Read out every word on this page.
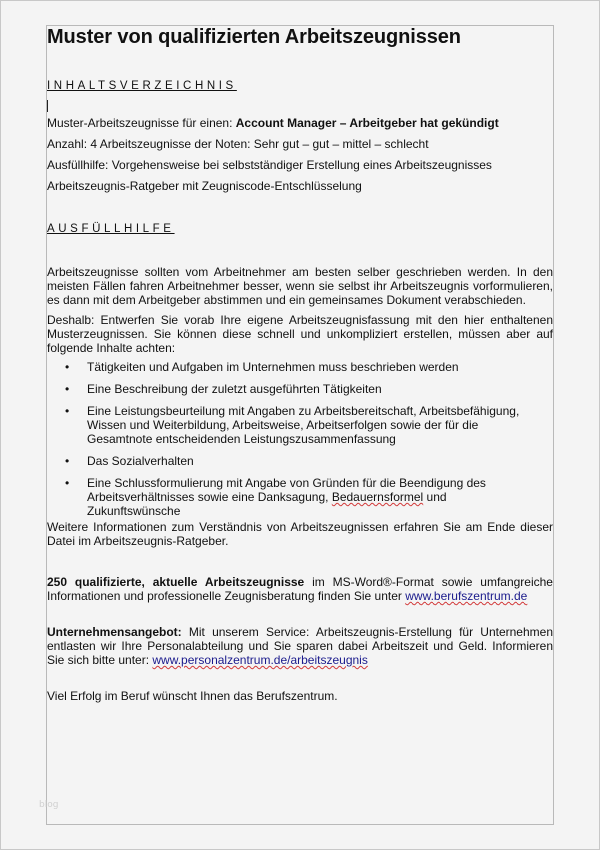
Muster von qualifizierten Arbeitszeugnissen
INHALTSVERZEICHNIS
Muster-Arbeitszeugnisse für einen: Account Manager – Arbeitgeber hat gekündigt
Anzahl: 4 Arbeitszeugnisse der Noten: Sehr gut – gut – mittel – schlecht
Ausfüllhilfe: Vorgehensweise bei selbstständiger Erstellung eines Arbeitszeugnisses
Arbeitszeugnis-Ratgeber mit Zeugniscode-Entschlüsselung
AUSFÜLLHILFE

Arbeitszeugnisse sollten vom Arbeitnehmer am besten selber geschrieben werden. In den meisten Fällen fahren Arbeitnehmer besser, wenn sie selbst ihr Arbeitszeugnis vorformulieren, es dann mit dem Arbeitgeber abstimmen und ein gemeinsames Dokument verabschieden.

Deshalb: Entwerfen Sie vorab Ihre eigene Arbeitszeugnisfassung mit den hier enthaltenen Musterzeugnissen. Sie können diese schnell und unkompliziert erstellen, müssen aber auf folgende Inhalte achten:

• Tätigkeiten und Aufgaben im Unternehmen muss beschrieben werden
• Eine Beschreibung der zuletzt ausgeführten Tätigkeiten
• Eine Leistungsbeurteilung mit Angaben zu Arbeitsbereitschaft, Arbeitsbefähigung, Wissen und Weiterbildung, Arbeitsweise, Arbeitserfolgen sowie der für die Gesamtnote entscheidenden Leistungszusammenfassung
• Das Sozialverhalten
• Eine Schlussformulierung mit Angabe von Gründen für die Beendigung des Arbeitsverhältnisses sowie eine Danksagung, Bedauernsformel und Zukunftswünsche

Weitere Informationen zum Verständnis von Arbeitszeugnissen erfahren Sie am Ende dieser Datei im Arbeitszeugnis-Ratgeber.

250 qualifizierte, aktuelle Arbeitszeugnisse im MS-Word®-Format sowie umfangreiche Informationen und professionelle Zeugnisberatung finden Sie unter www.berufszentrum.de

Unternehmensangebot: Mit unserem Service: Arbeitszeugnis-Erstellung für Unternehmen entlasten wir Ihre Personalabteilung und Sie sparen dabei Arbeitszeit und Geld. Informieren Sie sich bitte unter: www.personalzentrum.de/arbeitszeugnis

Viel Erfolg im Beruf wünscht Ihnen das Berufszentrum.

blog
